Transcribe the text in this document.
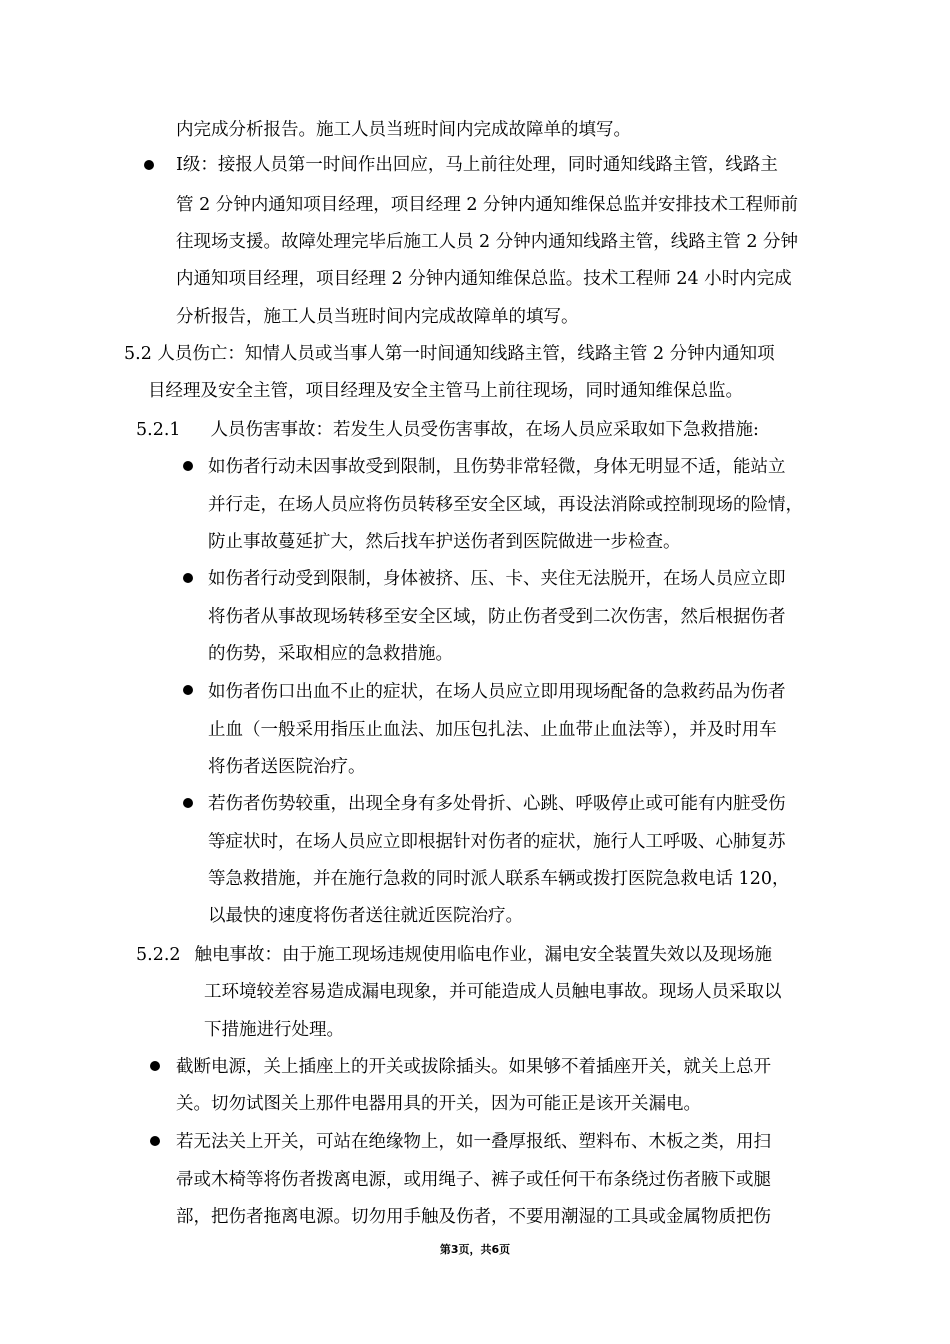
内完成分析报告。施工人员当班时间内完成故障单的填写。
Ⅰ级：接报人员第一时间作出回应，马上前往处理，同时通知线路主管，线路主
管 2 分钟内通知项目经理，项目经理 2 分钟内通知维保总监并安排技术工程师前
往现场支援。故障处理完毕后施工人员 2 分钟内通知线路主管，线路主管 2 分钟
内通知项目经理，项目经理 2 分钟内通知维保总监。技术工程师 24 小时内完成
分析报告，施工人员当班时间内完成故障单的填写。
5.2 人员伤亡：知情人员或当事人第一时间通知线路主管，线路主管 2 分钟内通知项
目经理及安全主管，项目经理及安全主管马上前往现场，同时通知维保总监。
5.2.1 人员伤害事故：若发生人员受伤害事故，在场人员应采取如下急救措施:
如伤者行动未因事故受到限制，且伤势非常轻微，身体无明显不适，能站立
并行走，在场人员应将伤员转移至安全区域，再设法消除或控制现场的险情，
防止事故蔓延扩大，然后找车护送伤者到医院做进一步检查。
如伤者行动受到限制，身体被挤、压、卡、夹住无法脱开，在场人员应立即
将伤者从事故现场转移至安全区域，防止伤者受到二次伤害，然后根据伤者
的伤势，采取相应的急救措施。
如伤者伤口出血不止的症状，在场人员应立即用现场配备的急救药品为伤者
止血（一般采用指压止血法、加压包扎法、止血带止血法等），并及时用车
将伤者送医院治疗。
若伤者伤势较重，出现全身有多处骨折、心跳、呼吸停止或可能有内脏受伤
等症状时，在场人员应立即根据针对伤者的症状，施行人工呼吸、心肺复苏
等急救措施，并在施行急救的同时派人联系车辆或拨打医院急救电话 120，
以最快的速度将伤者送往就近医院治疗。
5.2.2 触电事故：由于施工现场违规使用临电作业，漏电安全装置失效以及现场施
工环境较差容易造成漏电现象，并可能造成人员触电事故。现场人员采取以
下措施进行处理。
截断电源，关上插座上的开关或拔除插头。如果够不着插座开关，就关上总开
关。切勿试图关上那件电器用具的开关，因为可能正是该开关漏电。
若无法关上开关，可站在绝缘物上，如一叠厚报纸、塑料布、木板之类，用扫
帚或木椅等将伤者拨离电源，或用绳子、裤子或任何干布条绕过伤者腋下或腿
部，把伤者拖离电源。切勿用手触及伤者，不要用潮湿的工具或金属物质把伤
第3页，共6页
